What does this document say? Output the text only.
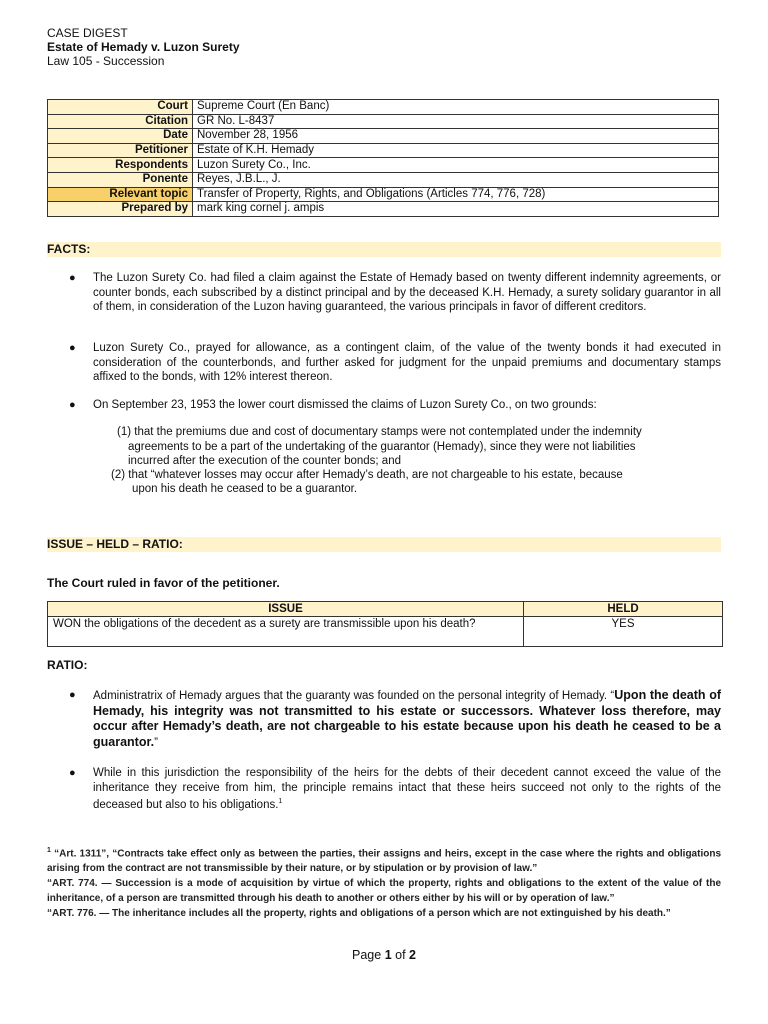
CASE DIGEST
Estate of Hemady v. Luzon Surety
Law 105 - Succession
Court	Supreme Court (En Banc)
Citation	GR No. L-8437
Date	November 28, 1956
Petitioner	Estate of K.H. Hemady
Respondents	Luzon Surety Co., Inc.
Ponente	Reyes, J.B.L., J.
Relevant topic	Transfer of Property, Rights, and Obligations (Articles 774, 776, 728)
Prepared by	mark king cornel j. ampis
FACTS:
● The Luzon Surety Co. had filed a claim against the Estate of Hemady based on twenty different indemnity agreements, or counter bonds, each subscribed by a distinct principal and by the deceased K.H. Hemady, a surety solidary guarantor in all of them, in consideration of the Luzon having guaranteed, the various principals in favor of different creditors.
● Luzon Surety Co., prayed for allowance, as a contingent claim, of the value of the twenty bonds it had executed in consideration of the counterbonds, and further asked for judgment for the unpaid premiums and documentary stamps affixed to the bonds, with 12% interest thereon.
● On September 23, 1953 the lower court dismissed the claims of Luzon Surety Co., on two grounds:
(1) that the premiums due and cost of documentary stamps were not contemplated under the indemnity
agreements to be a part of the undertaking of the guarantor (Hemady), since they were not liabilities
incurred after the execution of the counter bonds; and
(2) that “whatever losses may occur after Hemady’s death, are not chargeable to his estate, because
upon his death he ceased to be a guarantor.
ISSUE – HELD – RATIO:
The Court ruled in favor of the petitioner.
ISSUE	HELD
WON the obligations of the decedent as a surety are transmissible upon his death?	YES
RATIO:
● Administratrix of Hemady argues that the guaranty was founded on the personal integrity of Hemady. “Upon the death of Hemady, his integrity was not transmitted to his estate or successors. Whatever loss therefore, may occur after Hemady’s death, are not chargeable to his estate because upon his death he ceased to be a guarantor.”
● While in this jurisdiction the responsibility of the heirs for the debts of their decedent cannot exceed the value of the inheritance they receive from him, the principle remains intact that these heirs succeed not only to the rights of the deceased but also to his obligations.$^1$

$^1$ “Art. 1311”, “Contracts take effect only as between the parties, their assigns and heirs, except in the case where the rights and obligations arising from the contract are not transmissible by their nature, or by stipulation or by provision of law.”

“ART. 774. — Succession is a mode of acquisition by virtue of which the property, rights and obligations to the extent of the value of the inheritance, of a person are transmitted through his death to another or others either by his will or by operation of law.”

“ART. 776. — The inheritance includes all the property, rights and obligations of a person which are not extinguished by his death.”

Page 1 of 2
